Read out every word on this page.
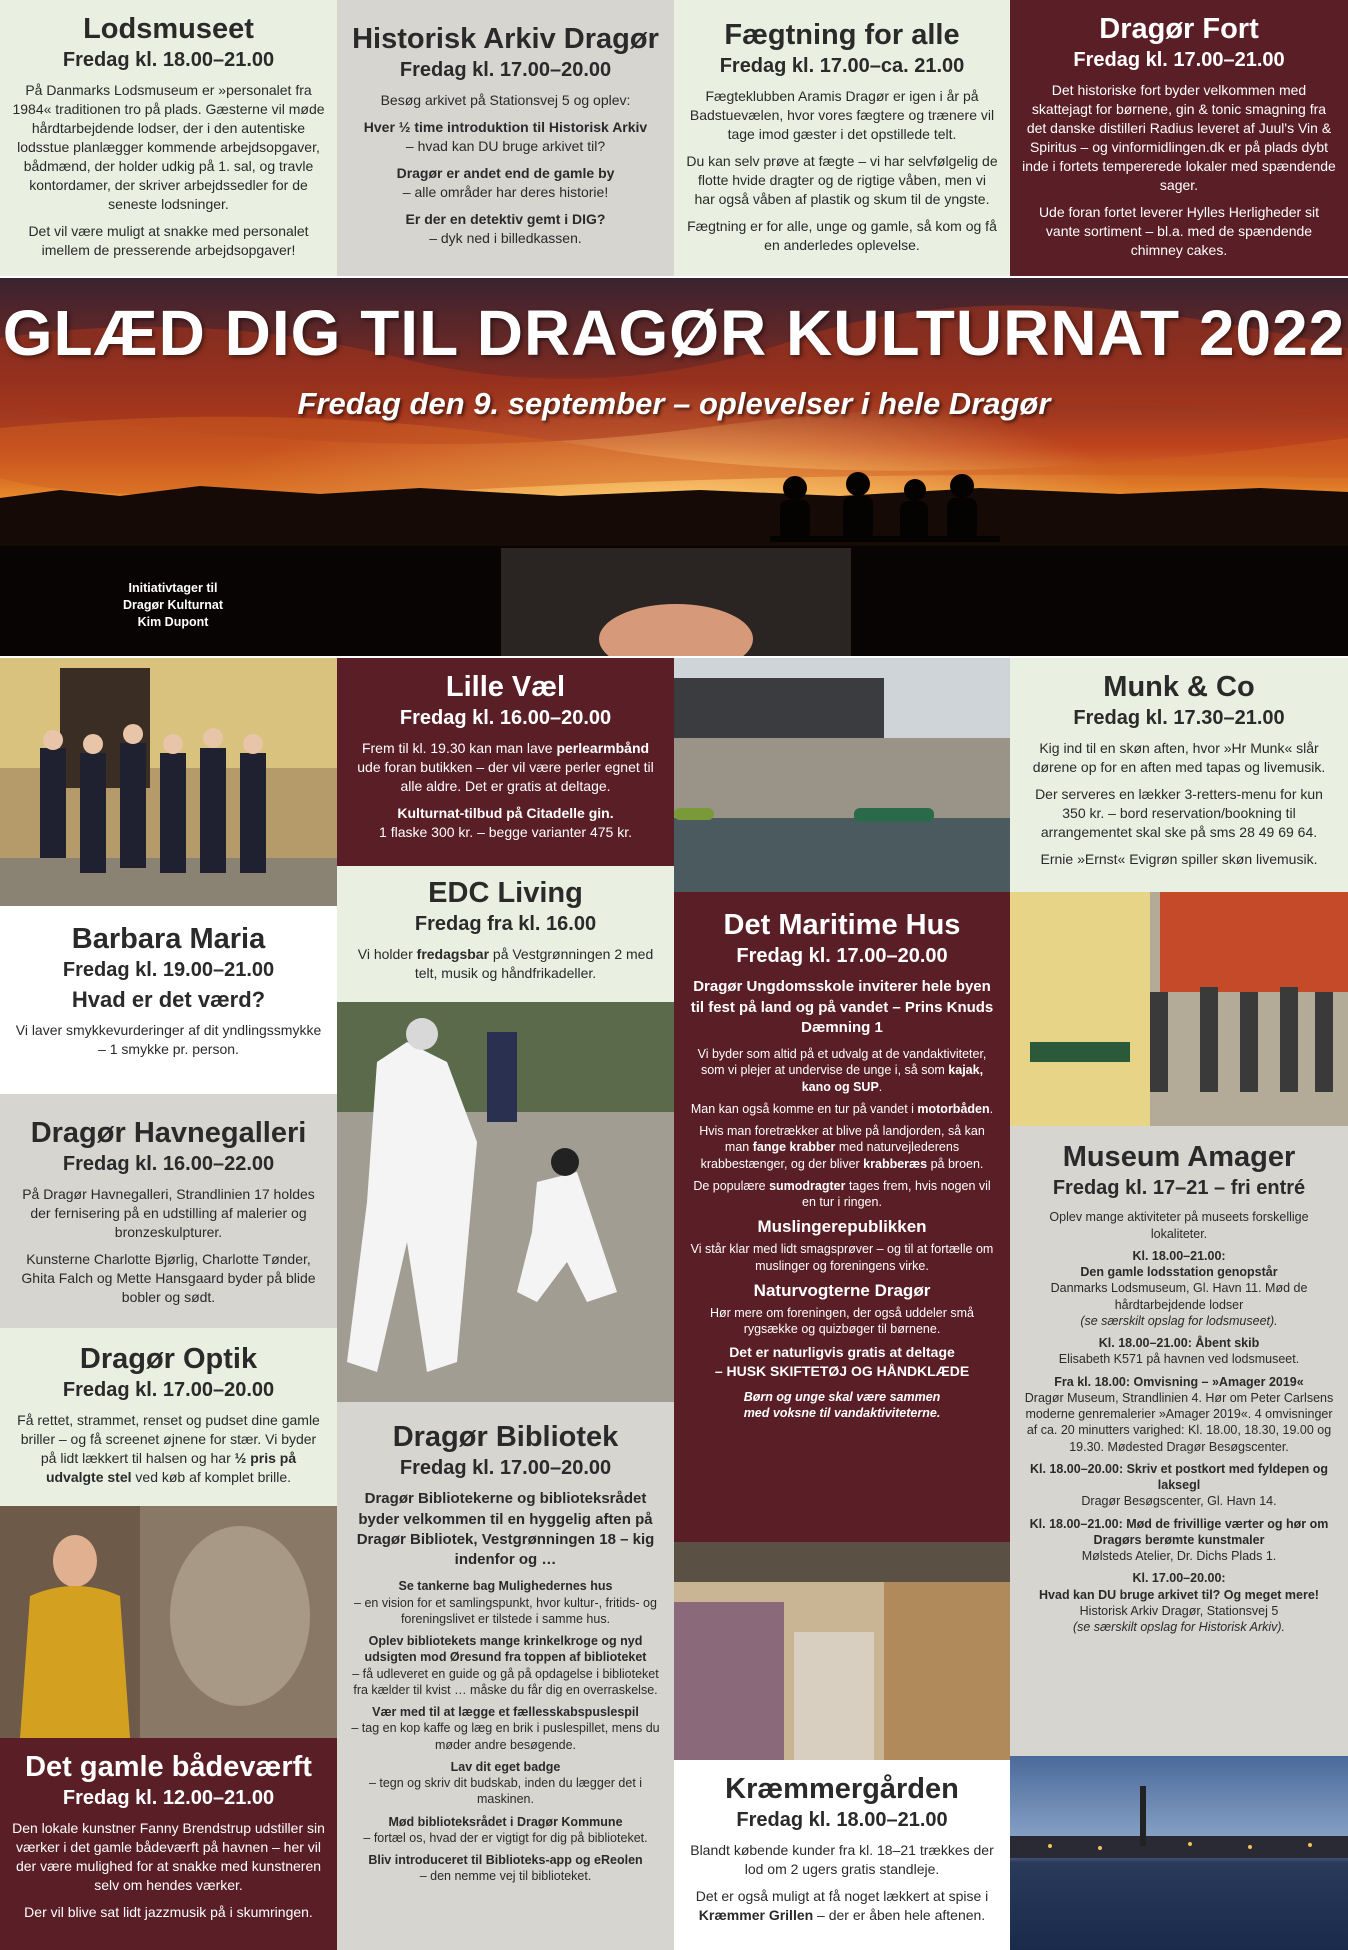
Lodsmuseet
Fredag kl. 18.00–21.00

På Danmarks Lodsmuseum er »personalet fra 1984« traditionen tro på plads. Gæsterne vil møde hårdtarbejdende lodser, der i den autentiske lodsstue planlægger kommende arbejdsopgaver, bådmænd, der holder udkig på 1. sal, og travle kontordamer, der skriver arbejdssedler for de seneste lodsninger.

Det vil være muligt at snakke med personalet imellem de presserende arbejdsopgaver!

Historisk Arkiv Dragør
Fredag kl. 17.00–20.00

Besøg arkivet på Stationsvej 5 og oplev:

Hver ½ time introduktion til Historisk Arkiv

– hvad kan DU bruge arkivet til?

Dragør er andet end de gamle by

– alle områder har deres historie!

Er der en detektiv gemt i DIG?

– dyk ned i billedkassen.

Fægtning for alle
Fredag kl. 17.00–ca. 21.00

Fægteklubben Aramis Dragør er igen i år på Badstuevælen, hvor vores fægtere og trænere vil tage imod gæster i det opstillede telt.

Du kan selv prøve at fægte – vi har selvfølgelig de flotte hvide dragter og de rigtige våben, men vi har også våben af plastik og skum til de yngste.

Fægtning er for alle, unge og gamle, så kom og få en anderledes oplevelse.

Dragør Fort
Fredag kl. 17.00–21.00

Det historiske fort byder velkommen med skattejagt for børnene, gin & tonic smagning fra det danske distilleri Radius leveret af Juul's Vin & Spiritus – og vinformidlingen.dk er på plads dybt inde i fortets tempererede lokaler med spændende sager.

Ude foran fortet leverer Hylles Herligheder sit vante sortiment – bl.a. med de spændende chimney cakes.

GLÆD DIG TIL DRAGØR KULTURNAT 2022
Fredag den 9. september – oplevelser i hele Dragør
Initiativtager til
Dragør Kulturnat
Kim Dupont
Barbara Maria
Fredag kl. 19.00–21.00
Hvad er det værd?

Vi laver smykkevurderinger af dit yndlingssmykke – 1 smykke pr. person.

Dragør Havnegalleri
Fredag kl. 16.00–22.00

På Dragør Havnegalleri, Strandlinien 17 holdes der fernisering på en udstilling af malerier og bronzeskulpturer.

Kunsterne Charlotte Bjørlig, Charlotte Tønder, Ghita Falch og Mette Hansgaard byder på blide bobler og sødt.

Dragør Optik
Fredag kl. 17.00–20.00

Få rettet, strammet, renset og pudset dine gamle briller – og få screenet øjnene for stær. Vi byder på lidt lækkert til halsen og har ½ pris på udvalgte stel ved køb af komplet brille.

Det gamle bådeværft
Fredag kl. 12.00–21.00

Den lokale kunstner Fanny Brendstrup udstiller sin værker i det gamle bådeværft på havnen – her vil der være mulighed for at snakke med kunstneren selv om hendes værker.

Der vil blive sat lidt jazzmusik på i skumringen.

Lille Væl
Fredag kl. 16.00–20.00

Frem til kl. 19.30 kan man lave perlearmbånd ude foran butikken – der vil være perler egnet til alle aldre. Det er gratis at deltage.

Kulturnat-tilbud på Citadelle gin.

1 flaske 300 kr. – begge varianter 475 kr.

EDC Living
Fredag fra kl. 16.00

Vi holder fredagsbar på Vestgrønningen 2 med telt, musik og håndfrikadeller.

Dragør Bibliotek
Fredag kl. 17.00–20.00

Dragør Bibliotekerne og biblioteksrådet byder velkommen til en hyggelig aften på Dragør Bibliotek, Vestgrønningen 18 – kig indenfor og …

Se tankerne bag Mulighedernes hus

– en vision for et samlingspunkt, hvor kultur-, fritids- og foreningslivet er tilstede i samme hus.

Oplev bibliotekets mange krinkelkroge og nyd udsigten mod Øresund fra toppen af biblioteket

– få udleveret en guide og gå på opdagelse i biblioteket fra kælder til kvist … måske du får dig en overraskelse.

Vær med til at lægge et fællesskabspuslespil

– tag en kop kaffe og læg en brik i puslespillet, mens du møder andre besøgende.

Lav dit eget badge

– tegn og skriv dit budskab, inden du lægger det i maskinen.

Mød biblioteksrådet i Dragør Kommune

– fortæl os, hvad der er vigtigt for dig på biblioteket.

Bliv introduceret til Biblioteks-app og eReolen

– den nemme vej til biblioteket.

Det Maritime Hus
Fredag kl. 17.00–20.00

Dragør Ungdomsskole inviterer hele byen til fest på land og på vandet – Prins Knuds Dæmning 1

Vi byder som altid på et udvalg at de vandaktiviteter, som vi plejer at undervise de unge i, så som kajak, kano og SUP.

Man kan også komme en tur på vandet i motorbåden.

Hvis man foretrækker at blive på landjorden, så kan man fange krabber med naturvejlederens krabbestænger, og der bliver krabberæs på broen.

De populære sumodragter tages frem, hvis nogen vil en tur i ringen.

Muslingerepublikken

Vi står klar med lidt smagsprøver – og til at fortælle om muslinger og foreningens virke.

Naturvogterne Dragør

Hør mere om foreningen, der også uddeler små rygsække og quizbøger til børnene.

Det er naturligvis gratis at deltage

– HUSK SKIFTETØJ OG HÅNDKLÆDE

Børn og unge skal være sammen

med voksne til vandaktiviteterne.

Kræmmergården
Fredag kl. 18.00–21.00

Blandt købende kunder fra kl. 18–21 trækkes der lod om 2 ugers gratis standleje.

Det er også muligt at få noget lækkert at spise i Kræmmer Grillen – der er åben hele aftenen.

Munk & Co
Fredag kl. 17.30–21.00

Kig ind til en skøn aften, hvor »Hr Munk« slår dørene op for en aften med tapas og livemusik.

Der serveres en lækker 3-retters-menu for kun 350 kr. – bord reservation/bookning til arrangementet skal ske på sms 28 49 69 64.

Ernie »Ernst« Evigrøn spiller skøn livemusik.

Museum Amager
Fredag kl. 17–21 – fri entré

Oplev mange aktiviteter på museets forskellige lokaliteter.

Kl. 18.00–21.00:

Den gamle lodsstation genopstår

Danmarks Lodsmuseum, Gl. Havn 11. Mød de hårdtarbejdende lodser

(se særskilt opslag for lodsmuseet).

Kl. 18.00–21.00: Åbent skib

Elisabeth K571 på havnen ved lodsmuseet.

Fra kl. 18.00: Omvisning – »Amager 2019«

Dragør Museum, Strandlinien 4. Hør om Peter Carlsens moderne genremalerier »Amager 2019«. 4 omvisninger af ca. 20 minutters varighed: Kl. 18.00, 18.30, 19.00 og 19.30. Mødested Dragør Besøgscenter.

Kl. 18.00–20.00: Skriv et postkort med fyldepen og laksegl

Dragør Besøgscenter, Gl. Havn 14.

Kl. 18.00–21.00: Mød de frivillige værter og hør om Dragørs berømte kunstmaler

Mølsteds Atelier, Dr. Dichs Plads 1.

Kl. 17.00–20.00:

Hvad kan DU bruge arkivet til? Og meget mere!

Historisk Arkiv Dragør, Stationsvej 5

(se særskilt opslag for Historisk Arkiv).
